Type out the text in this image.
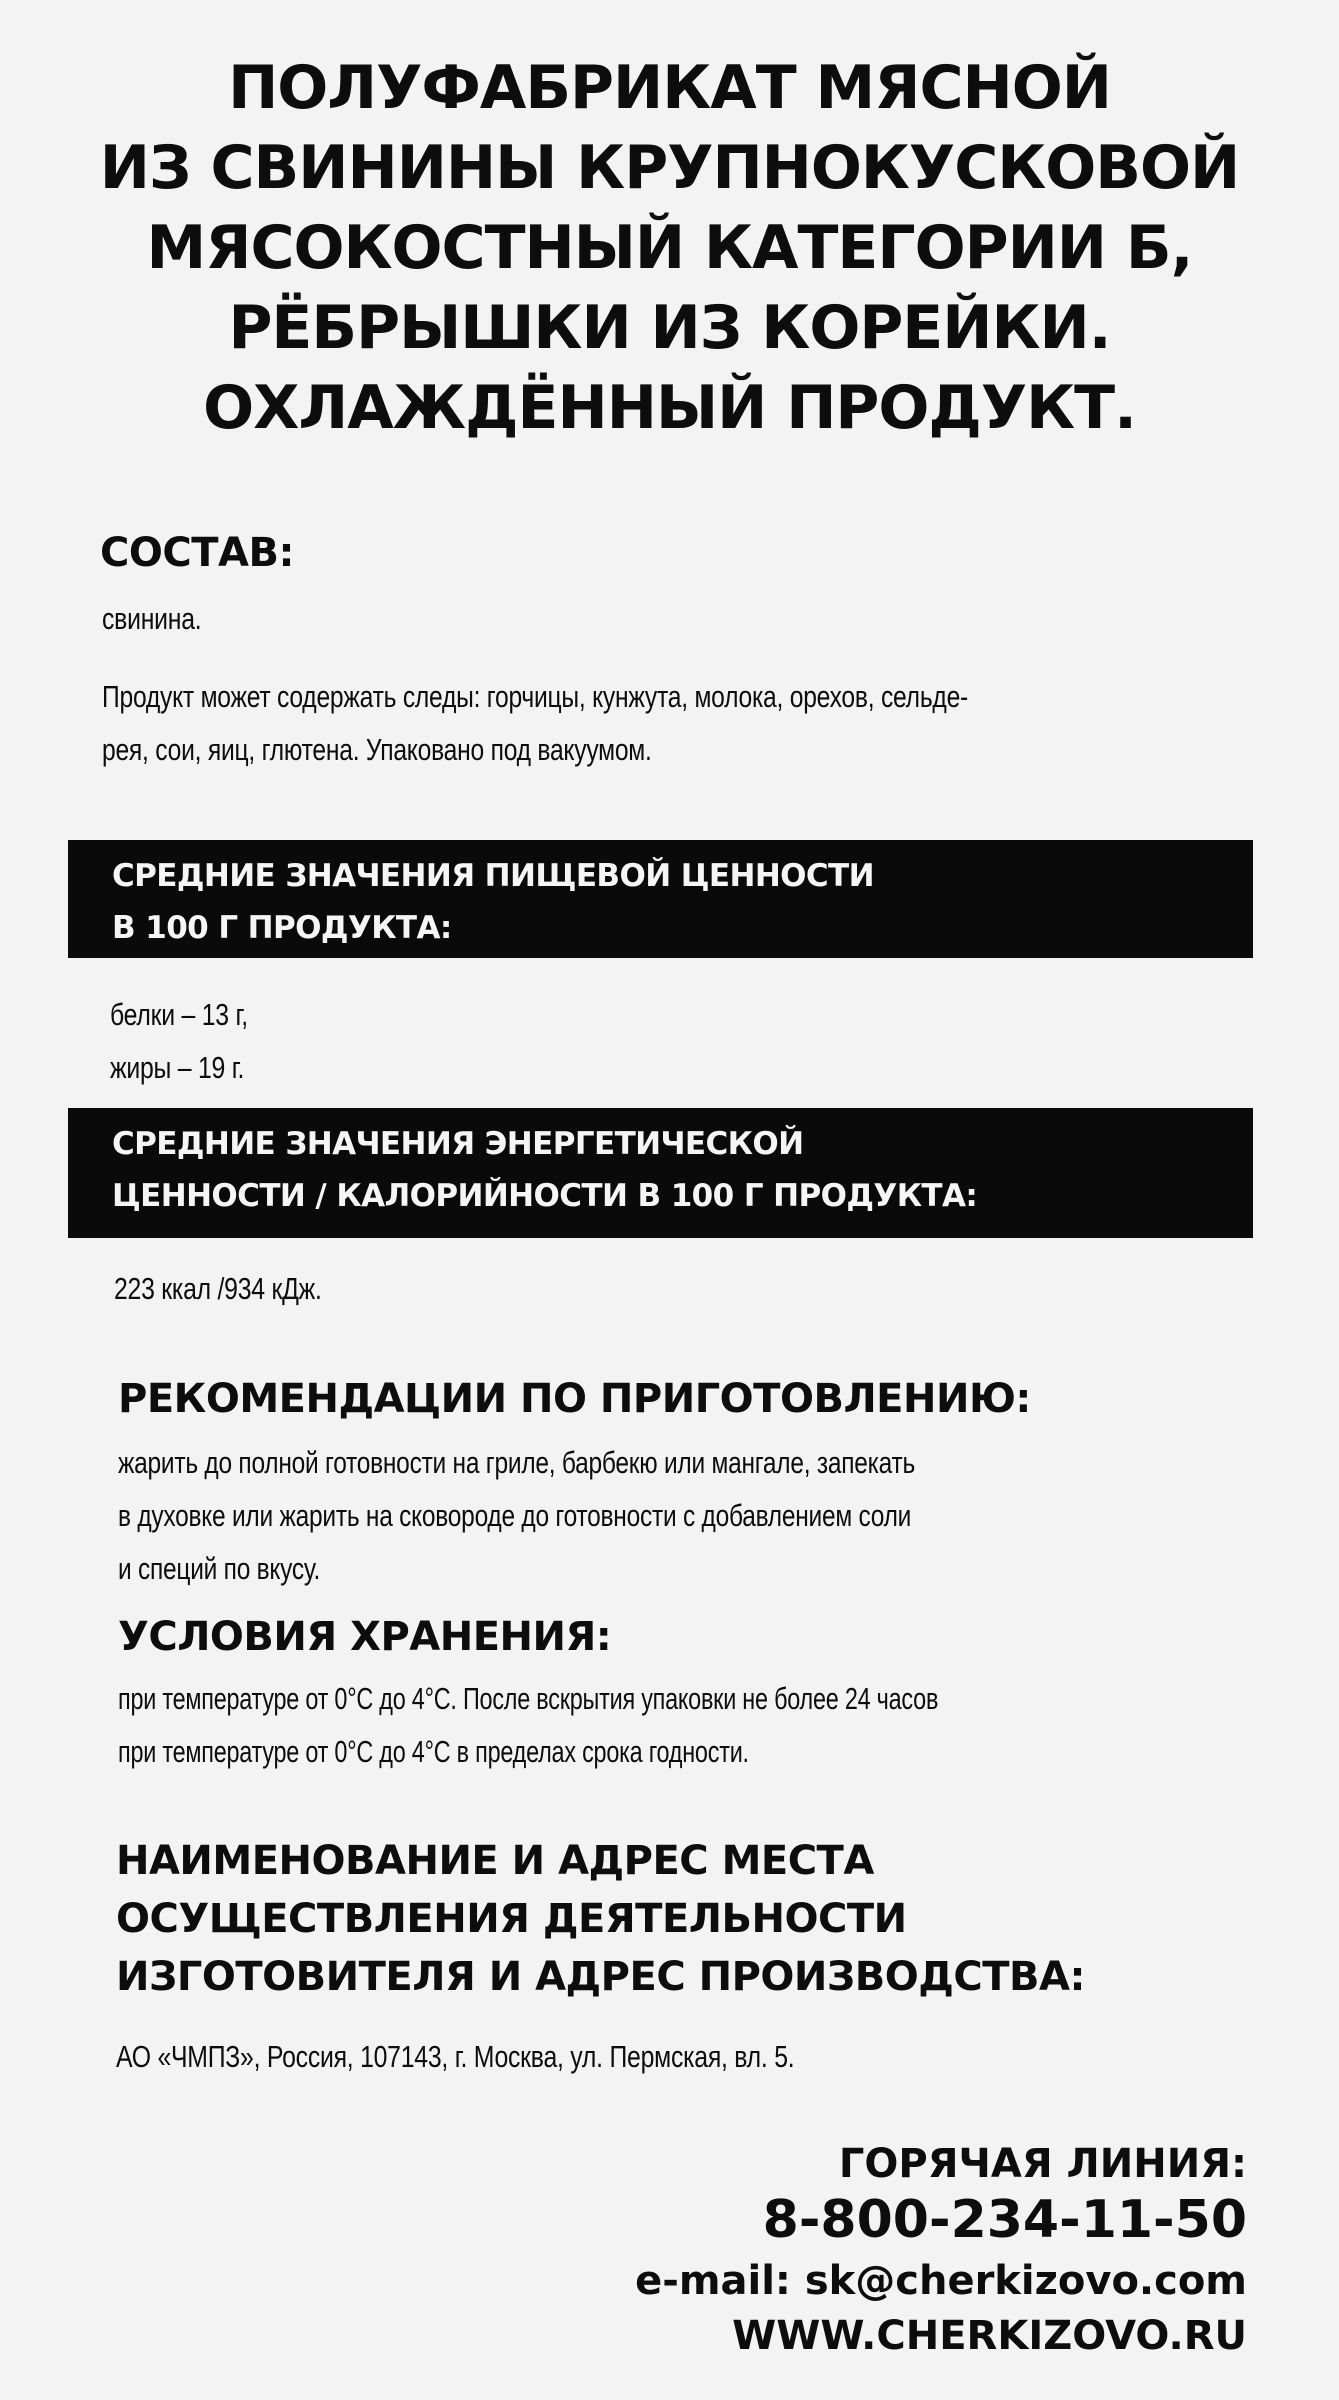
ПОЛУФАБРИКАТ МЯСНОЙ
ИЗ СВИНИНЫ КРУПНОКУСКОВОЙ
МЯСОКОСТНЫЙ КАТЕГОРИИ Б,
РЁБРЫШКИ ИЗ КОРЕЙКИ.
ОХЛАЖДЁННЫЙ ПРОДУКТ.
СОСТАВ:
свинина.
Продукт может содержать следы: горчицы, кунжута, молока, орехов, сельде-
рея, сои, яиц, глютена. Упаковано под вакуумом.
СРЕДНИЕ ЗНАЧЕНИЯ ПИЩЕВОЙ ЦЕННОСТИ
В 100 Г ПРОДУКТА:
белки – 13 г,
жиры – 19 г.
СРЕДНИЕ ЗНАЧЕНИЯ ЭНЕРГЕТИЧЕСКОЙ
ЦЕННОСТИ / КАЛОРИЙНОСТИ В 100 Г ПРОДУКТА:
223 ккал /934 кДж.
РЕКОМЕНДАЦИИ ПО ПРИГОТОВЛЕНИЮ:
жарить до полной готовности на гриле, барбекю или мангале, запекать
в духовке или жарить на сковороде до готовности с добавлением соли
и специй по вкусу.
УСЛОВИЯ ХРАНЕНИЯ:
при температуре от 0°С до 4°С. После вскрытия упаковки не более 24 часов
при температуре от 0°С до 4°С в пределах срока годности.
НАИМЕНОВАНИЕ И АДРЕС МЕСТА
ОСУЩЕСТВЛЕНИЯ ДЕЯТЕЛЬНОСТИ
ИЗГОТОВИТЕЛЯ И АДРЕС ПРОИЗВОДСТВА:
АО «ЧМПЗ», Россия, 107143, г. Москва, ул. Пермская, вл. 5.
ГОРЯЧАЯ ЛИНИЯ:
8-800-234-11-50
e-mail: sk@cherkizovo.com
WWW.CHERKIZOVO.RU
